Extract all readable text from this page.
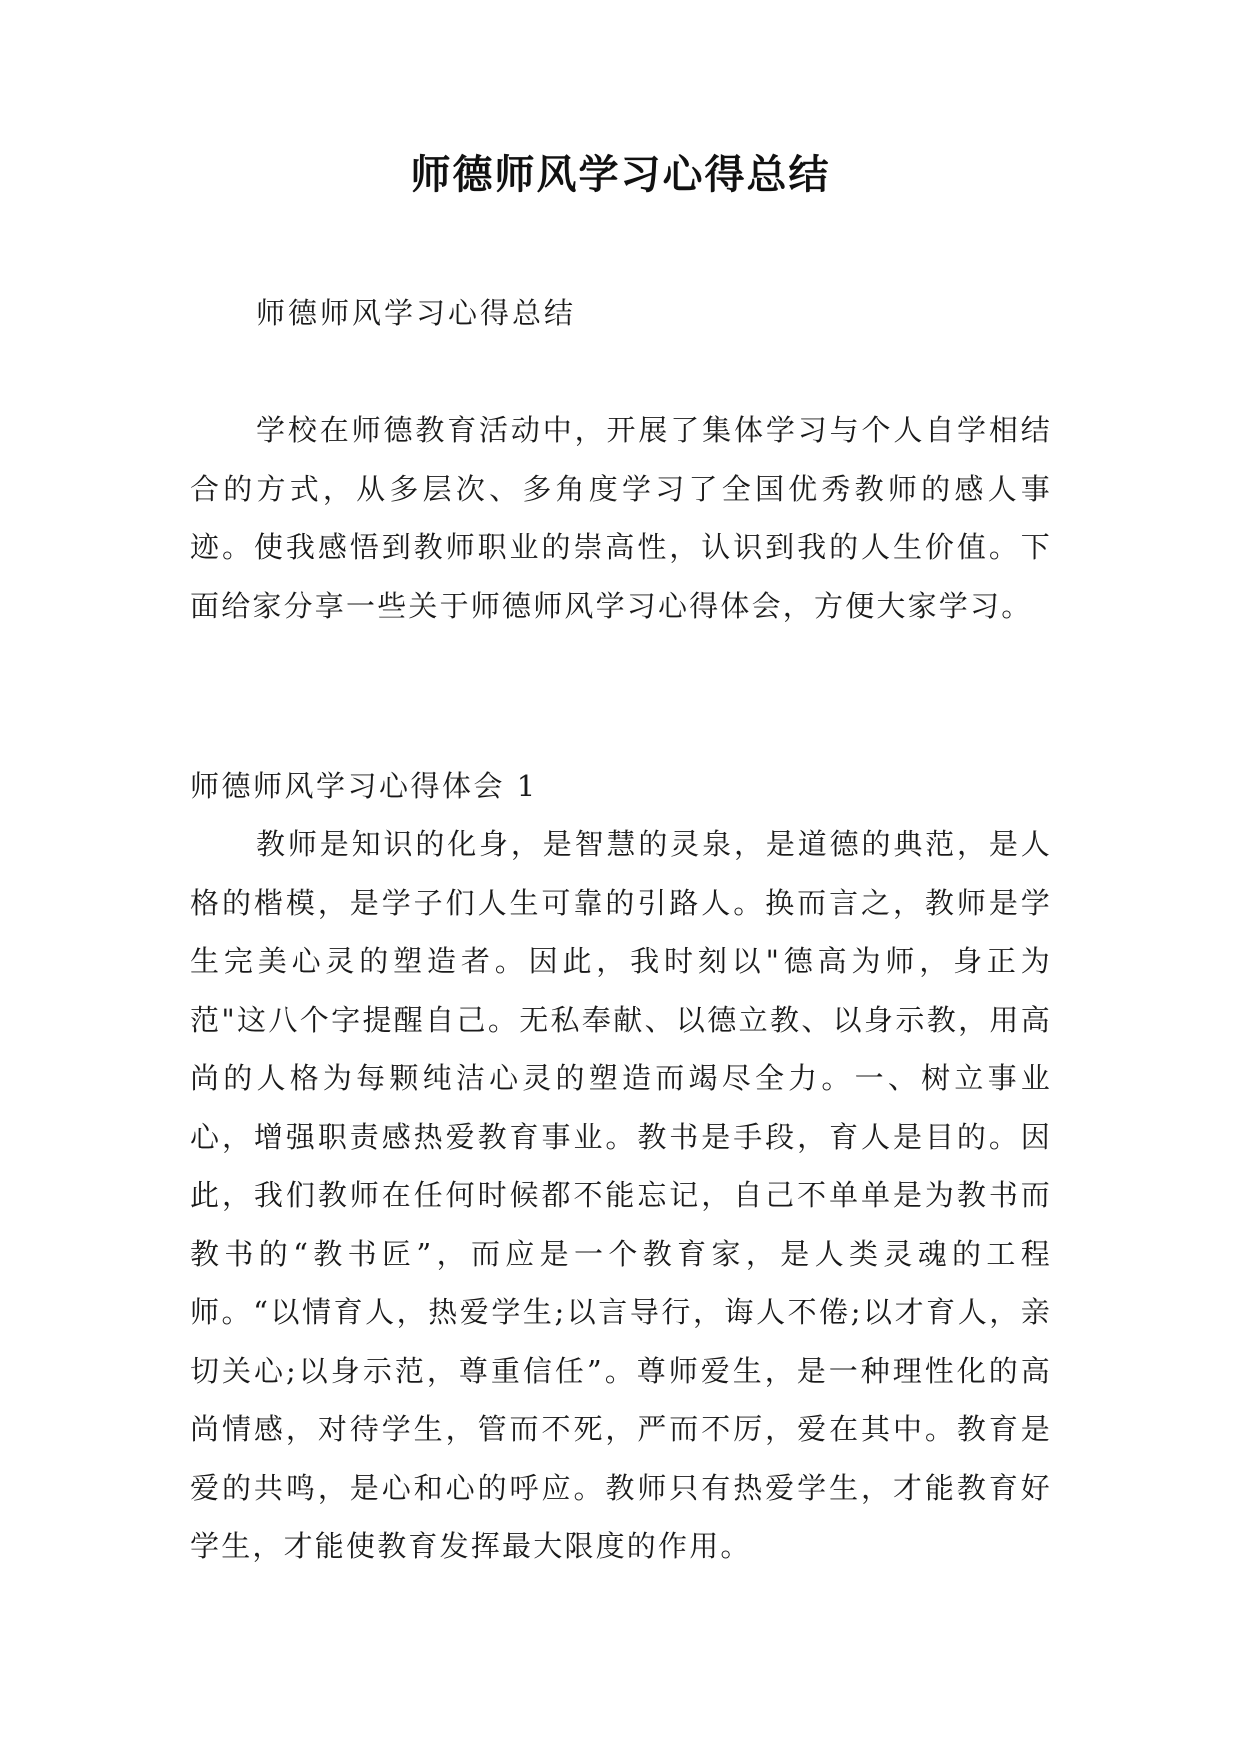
师德师风学习心得总结
师德师风学习心得总结
学校在师德教育活动中，开展了集体学习与个人自学相结合的方式，从多层次、多角度学习了全国优秀教师的感人事迹。使我感悟到教师职业的崇高性，认识到我的人生价值。下面给家分享一些关于师德师风学习心得体会，方便大家学习。
师德师风学习心得体会 1
教师是知识的化身，是智慧的灵泉，是道德的典范，是人格的楷模，是学子们人生可靠的引路人。换而言之，教师是学生完美心灵的塑造者。因此，我时刻以"德高为师，身正为范"这八个字提醒自己。无私奉献、以德立教、以身示教，用高尚的人格为每颗纯洁心灵的塑造而竭尽全力。一、树立事业心，增强职责感热爱教育事业。教书是手段，育人是目的。因此，我们教师在任何时候都不能忘记，自己不单单是为教书而教书的“教书匠”，而应是一个教育家，是人类灵魂的工程师。“以情育人，热爱学生;以言导行，诲人不倦;以才育人，亲切关心;以身示范，尊重信任”。尊师爱生，是一种理性化的高尚情感，对待学生，管而不死，严而不厉，爱在其中。教育是爱的共鸣，是心和心的呼应。教师只有热爱学生，才能教育好学生，才能使教育发挥最大限度的作用。
